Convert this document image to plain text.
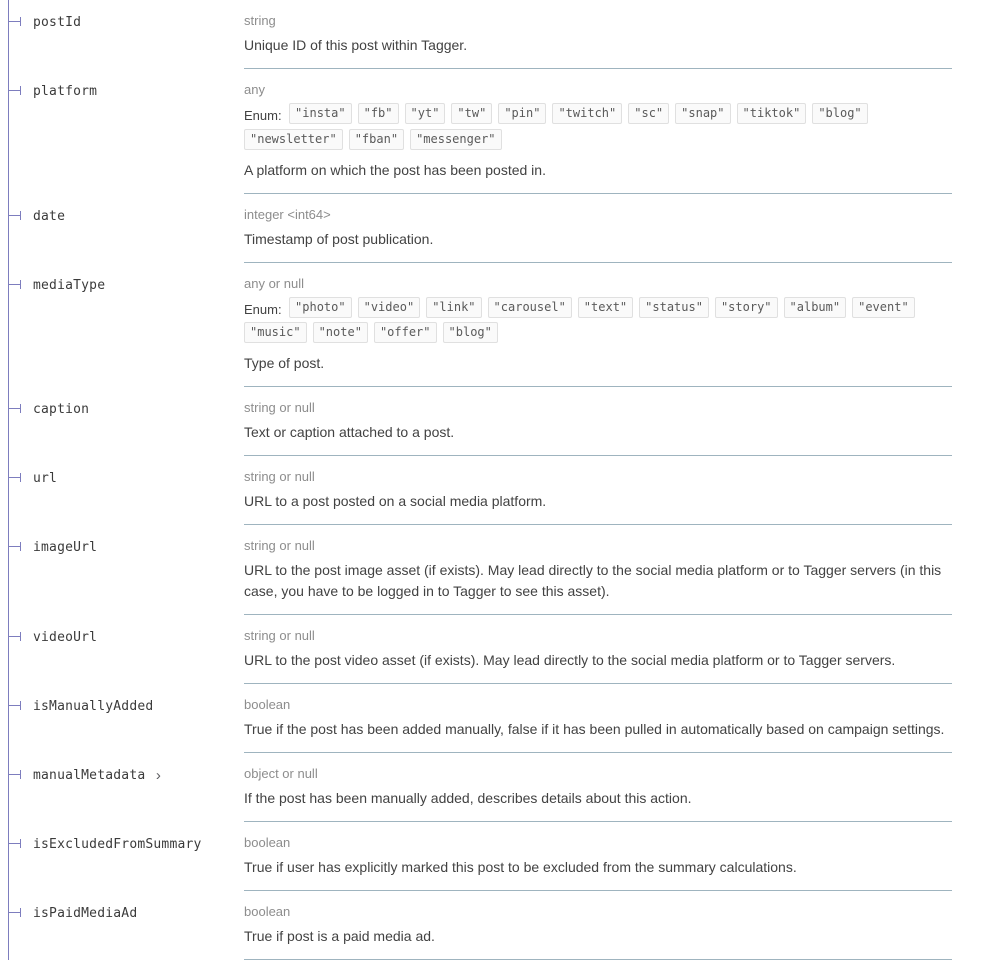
postId	string
Unique ID of this post within Tagger.
platform	any
Enum: "insta" "fb" "yt" "tw" "pin" "twitch" "sc" "snap" "tiktok" "blog""newsletter" "fban" "messenger"
A platform on which the post has been posted in.
date	integer <int64>
Timestamp of post publication.
mediaType	any or null
Enum: "photo" "video" "link" "carousel" "text" "status" "story" "album" "event""music" "note" "offer" "blog"
Type of post.
caption	string or null
Text or caption attached to a post.
url	string or null
URL to a post posted on a social media platform.
imageUrl	string or null
URL to the post image asset (if exists). May lead directly to the social media platform or to Tagger servers (in this case, you have to be logged in to Tagger to see this asset).
videoUrl	string or null
URL to the post video asset (if exists). May lead directly to the social media platform or to Tagger servers.
isManuallyAdded	boolean
True if the post has been added manually, false if it has been pulled in automatically based on campaign settings.
manualMetadata ›	object or null
If the post has been manually added, describes details about this action.
isExcludedFromSummary	boolean
True if user has explicitly marked this post to be excluded from the summary calculations.
isPaidMediaAd	boolean
True if post is a paid media ad.
